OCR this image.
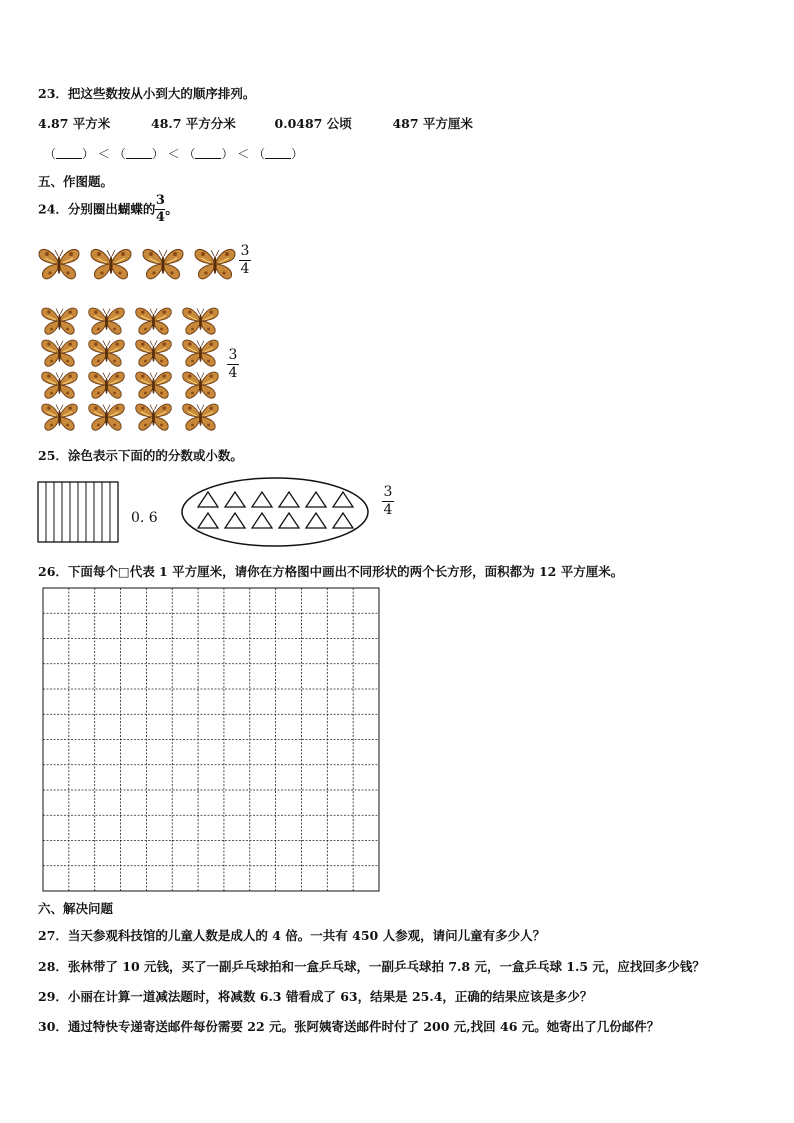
23．把这些数按从小到大的顺序排列。
4.87 平方米	48.7 平方分米	0.0487 公顷	487 平方厘米
（ ） ＜ （ ） ＜ （ ） ＜ （ ）
五、作图题。
24．分别圈出蝴蝶的 $\frac{3}{4}$ 。
$\frac{3}{4}$
$\frac{3}{4}$
25．涂色表示下面的的分数或小数。
0. 6	$\frac{3}{4}$
26．下面每个□代表 1 平方厘米，请你在方格图中画出不同形状的两个长方形，面积都为 12 平方厘米。
六、解决问题
27．当天参观科技馆的儿童人数是成人的 4 倍。一共有 450 人参观，请问儿童有多少人？
28．张林带了 10 元钱，买了一副乒乓球拍和一盒乒乓球，一副乒乓球拍 7.8 元，一盒乒乓球 1.5 元，应找回多少钱？
29．小丽在计算一道减法题时，将减数 6.3 错看成了 63，结果是 25.4，正确的结果应该是多少？
30．通过特快专递寄送邮件每份需要 22 元。张阿姨寄送邮件时付了 200 元,找回 46 元。她寄出了几份邮件？
